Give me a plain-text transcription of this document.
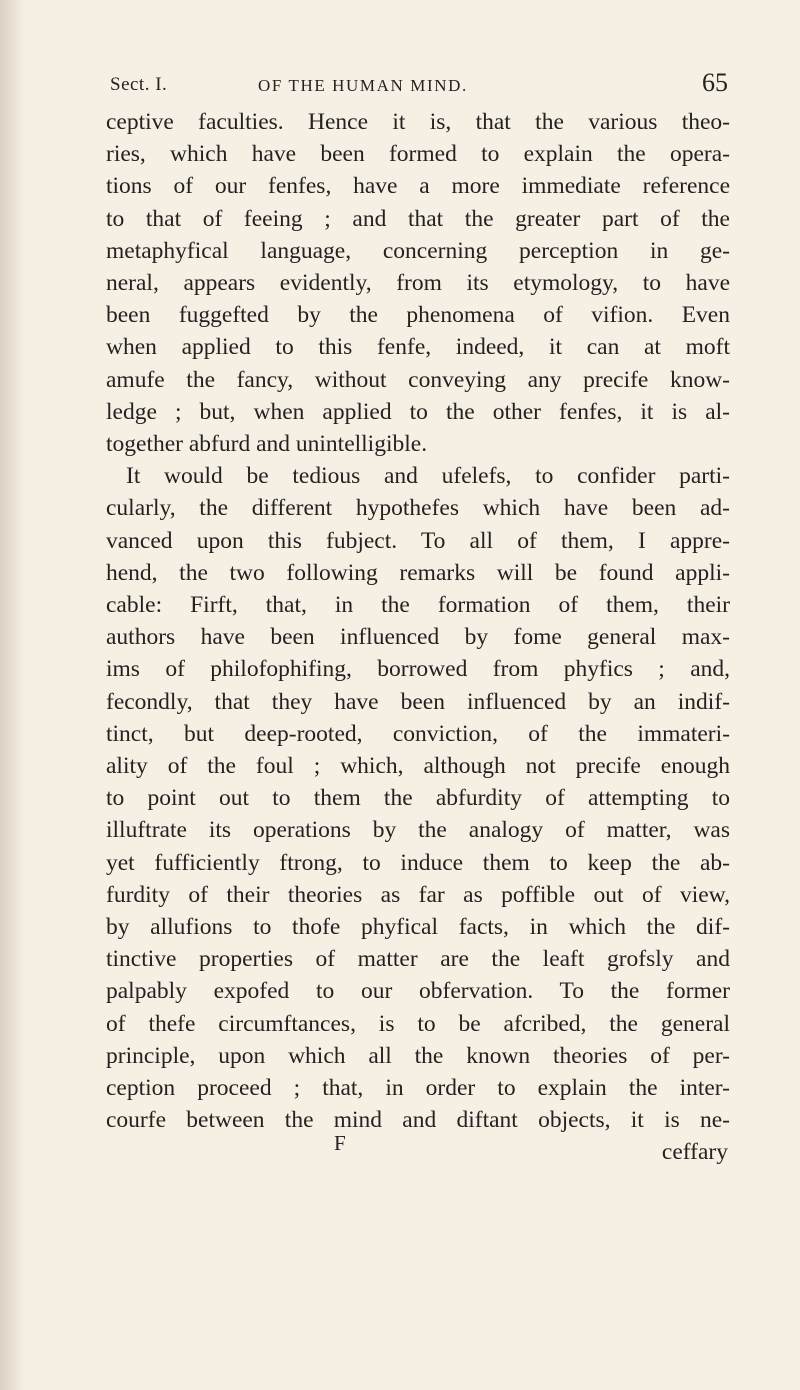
Sect. I.	OF THE HUMAN MIND.	65
ceptive faculties. Hence it is, that the various theo-
ries, which have been formed to explain the opera-
tions of our fenfes, have a more immediate reference
to that of feeing ; and that the greater part of the
metaphyfical language, concerning perception in ge-
neral, appears evidently, from its etymology, to have
been fuggefted by the phenomena of vifion. Even
when applied to this fenfe, indeed, it can at moft
amufe the fancy, without conveying any precife know-
ledge ; but, when applied to the other fenfes, it is al-
together abfurd and unintelligible.
It would be tedious and ufelefs, to confider parti-
cularly, the different hypothefes which have been ad-
vanced upon this fubject. To all of them, I appre-
hend, the two following remarks will be found appli-
cable: Firft, that, in the formation of them, their
authors have been influenced by fome general max-
ims of philofophifing, borrowed from phyfics ; and,
fecondly, that they have been influenced by an indif-
tinct, but deep-rooted, conviction, of the immateri-
ality of the foul ; which, although not precife enough
to point out to them the abfurdity of attempting to
illuftrate its operations by the analogy of matter, was
yet fufficiently ftrong, to induce them to keep the ab-
furdity of their theories as far as poffible out of view,
by allufions to thofe phyfical facts, in which the dif-
tinctive properties of matter are the leaft grofsly and
palpably expofed to our obfervation. To the former
of thefe circumftances, is to be afcribed, the general
principle, upon which all the known theories of per-
ception proceed ; that, in order to explain the inter-
courfe between the mind and diftant objects, it is ne-
F	ceffary
